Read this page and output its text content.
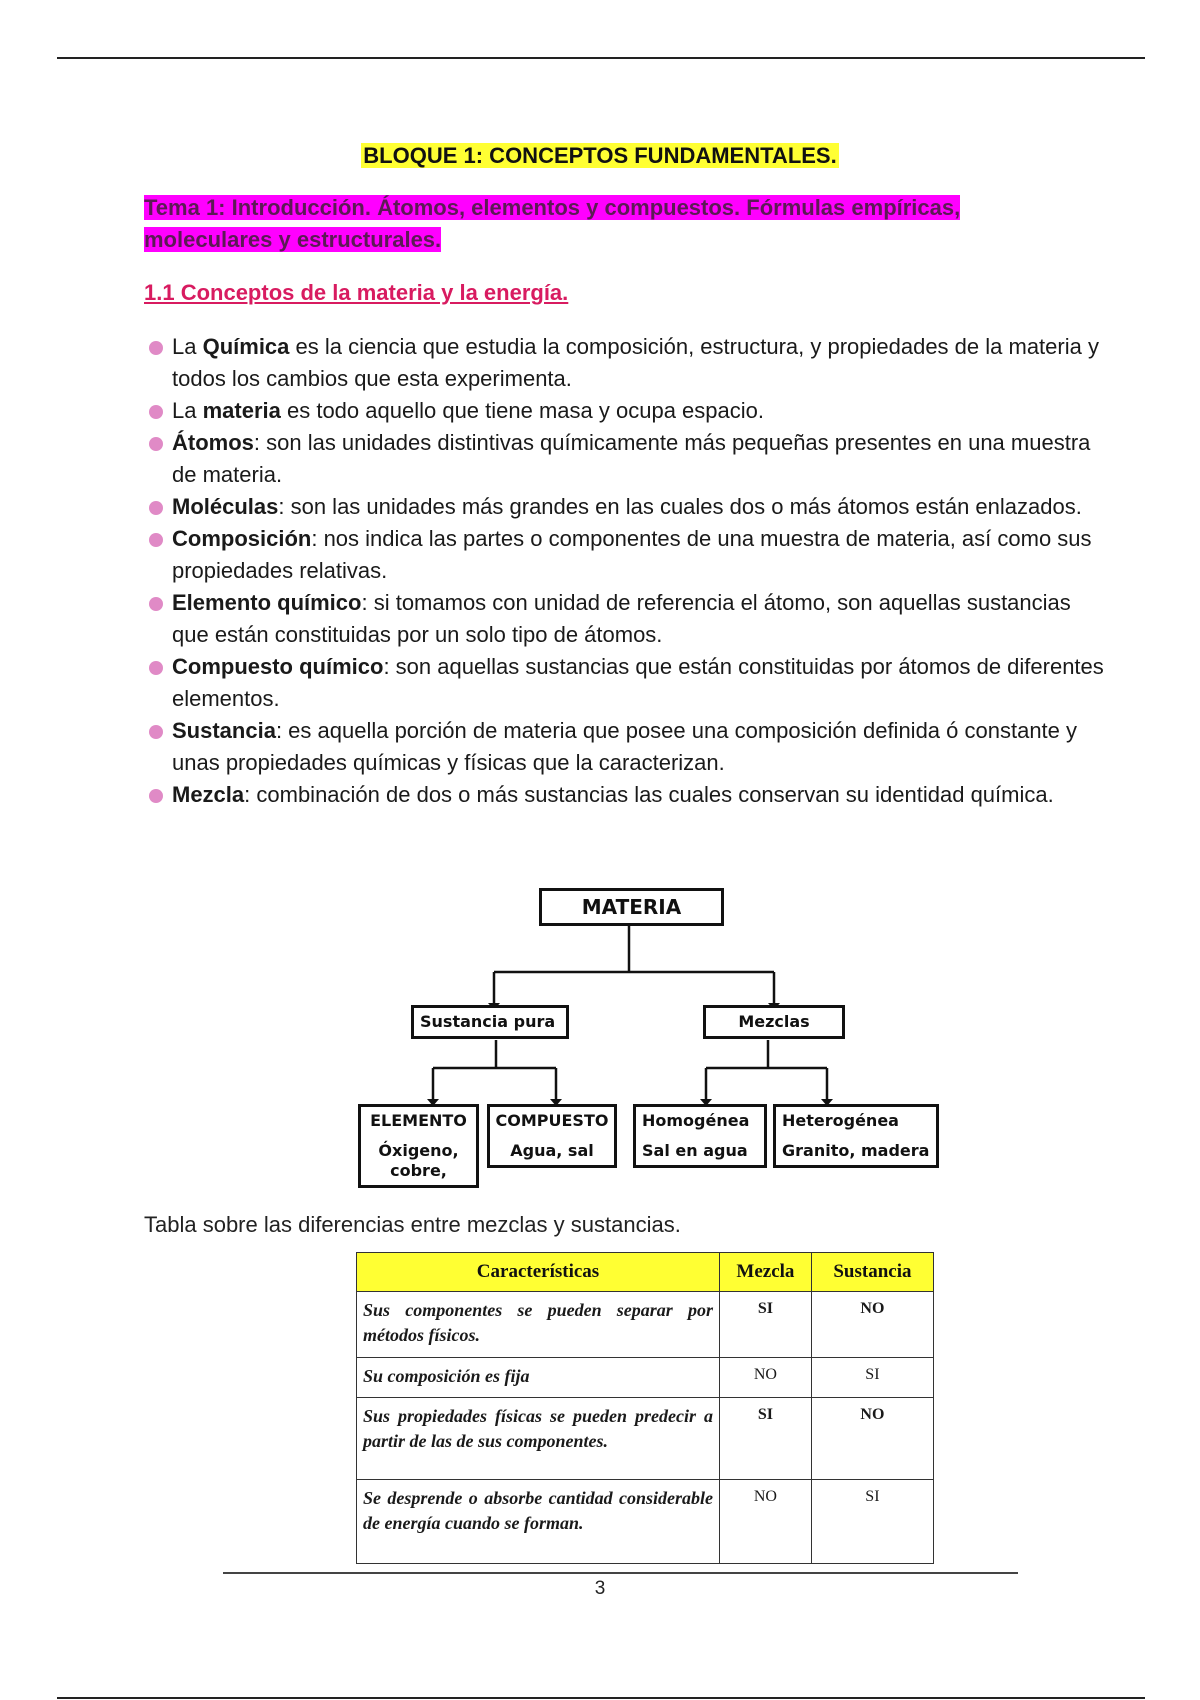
BLOQUE 1: CONCEPTOS FUNDAMENTALES.
Tema 1: Introducción. Átomos, elementos y compuestos. Fórmulas empíricas,
moleculares y estructurales.
1.1 Conceptos de la materia y la energía.
La Química es la ciencia que estudia la composición, estructura, y propiedades de la materia y todos los cambios que esta experimenta.
La materia es todo aquello que tiene masa y ocupa espacio.
Átomos: son las unidades distintivas químicamente más pequeñas presentes en una muestra de materia.
Moléculas: son las unidades más grandes en las cuales dos o más átomos están enlazados.
Composición: nos indica las partes o componentes de una muestra de materia, así como sus propiedades relativas.
Elemento químico: si tomamos con unidad de referencia el átomo, son aquellas sustancias que están constituidas por un solo tipo de átomos.
Compuesto químico: son aquellas sustancias que están constituidas por átomos de diferentes elementos.
Sustancia: es aquella porción de materia que posee una composición definida ó constante y unas propiedades químicas y físicas que la caracterizan.
Mezcla: combinación de dos o más sustancias las cuales conservan su identidad química.
MATERIA
Sustancia pura	Mezclas
ELEMENTO
Óxigeno, cobre,
COMPUESTO
Agua, sal
Homogénea
Sal en agua
Heterogénea
Granito, madera
Tabla sobre las diferencias entre mezclas y sustancias.
Características	Mezcla	Sustancia
Sus componentes se pueden separar por métodos físicos.	SI	NO
Su composición es fija	NO	SI
Sus propiedades físicas se pueden predecir a partir de las de sus componentes.	SI	NO
Se desprende o absorbe cantidad considerable de energía cuando se forman.	NO	SI
3
